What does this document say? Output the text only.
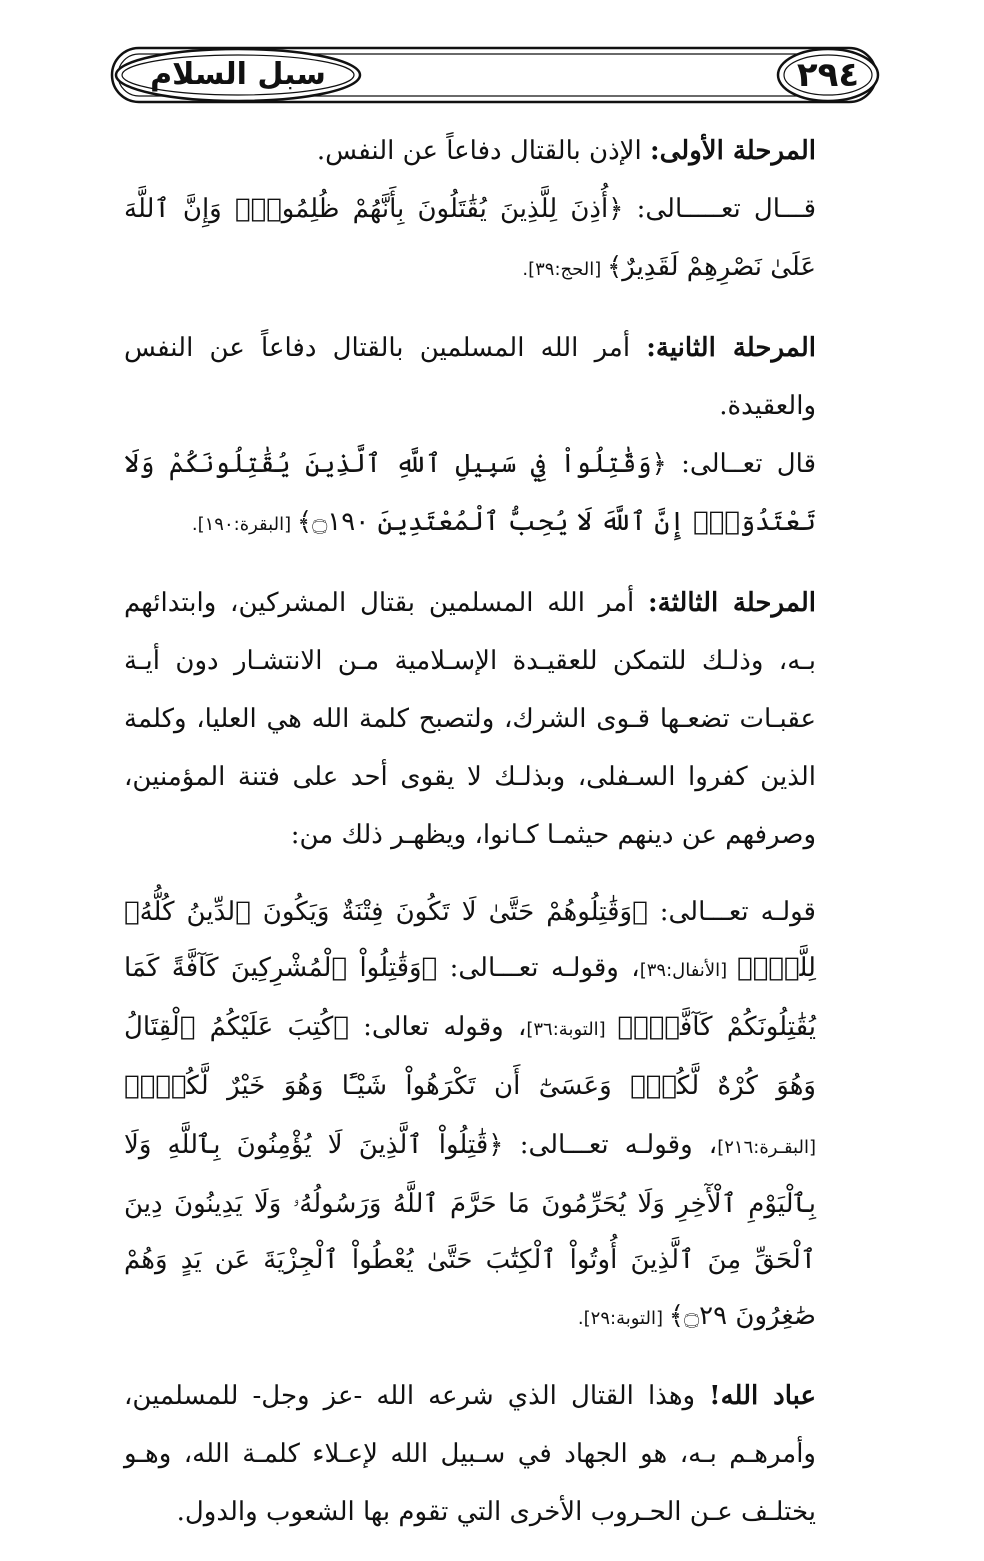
٢٩٤
سبل السلام

المرحلة الأولى: الإذن بالقتال دفاعاً عن النفس.

قـــال تعـــــالى: ﴿أُذِنَ لِلَّذِينَ يُقَٰتَلُونَ بِأَنَّهُمْ ظُلِمُواْۚ وَإِنَّ ٱللَّهَ عَلَىٰ نَصْرِهِمْ لَقَدِيرٌ﴾ [الحج:٣٩].

المرحلة الثانية: أمر الله المسلمين بالقتال دفاعاً عن النفس والعقيدة.

قال تعــالى: ﴿وَقَٰتِلُواْ فِي سَبِيلِ ٱللَّهِ ٱلَّذِينَ يُقَٰتِلُونَكُمْ وَلَا تَعْتَدُوٓاْۚ إِنَّ ٱللَّهَ لَا يُحِبُّ ٱلْمُعْتَدِينَ ۝١٩٠﴾ [البقرة:١٩٠].

المرحلة الثالثة: أمر الله المسلمين بقتال المشركين، وابتدائهم بـه، وذلـك للتمكن للعقيـدة الإسـلامية مـن الانتشـار دون أيـة عقبـات تضعـها قـوى الشرك، ولتصبح كلمة الله هي العليا، وكلمة الذين كفروا السـفلى، وبذلـك لا يقوى أحد على فتنة المؤمنين، وصرفهم عن دينهم حيثمـا كـانوا، ويظهـر ذلك من:

قولـه تعـــالى: ﴿وَقَٰتِلُوهُمْ حَتَّىٰ لَا تَكُونَ فِتْنَةٌ وَيَكُونَ ٱلدِّينُ كُلُّهُۥ لِلَّهِۚ﴾ [الأنفال:٣٩]، وقولـه تعـــالى: ﴿وَقَٰتِلُواْ ٱلْمُشْرِكِينَ كَآفَّةً كَمَا يُقَٰتِلُونَكُمْ كَآفَّةًۚ﴾ [التوبة:٣٦]، وقوله تعالى: ﴿كُتِبَ عَلَيْكُمُ ٱلْقِتَالُ وَهُوَ كُرْهٌ لَّكُمْۖ وَعَسَىٰٓ أَن تَكْرَهُواْ شَيْـًٔا وَهُوَ خَيْرٌ لَّكُمْۖ﴾ [البقـرة:٢١٦]، وقولـه تعـــالى: ﴿قَٰتِلُواْ ٱلَّذِينَ لَا يُؤْمِنُونَ بِٱللَّهِ وَلَا بِٱلْيَوْمِ ٱلْأٓخِرِ وَلَا يُحَرِّمُونَ مَا حَرَّمَ ٱللَّهُ وَرَسُولُهُۥ وَلَا يَدِينُونَ دِينَ ٱلْحَقِّ مِنَ ٱلَّذِينَ أُوتُواْ ٱلْكِتَٰبَ حَتَّىٰ يُعْطُواْ ٱلْجِزْيَةَ عَن يَدٍ وَهُمْ صَٰغِرُونَ ۝٢٩﴾ [التوبة:٢٩].

عباد الله! وهذا القتال الذي شرعه الله -عز وجل- للمسلمين، وأمرهـم بـه، هو الجهاد في سـبيل الله لإعـلاء كلمـة الله، وهـو يختلـف عـن الحـروب الأخرى التي تقوم بها الشعوب والدول.
